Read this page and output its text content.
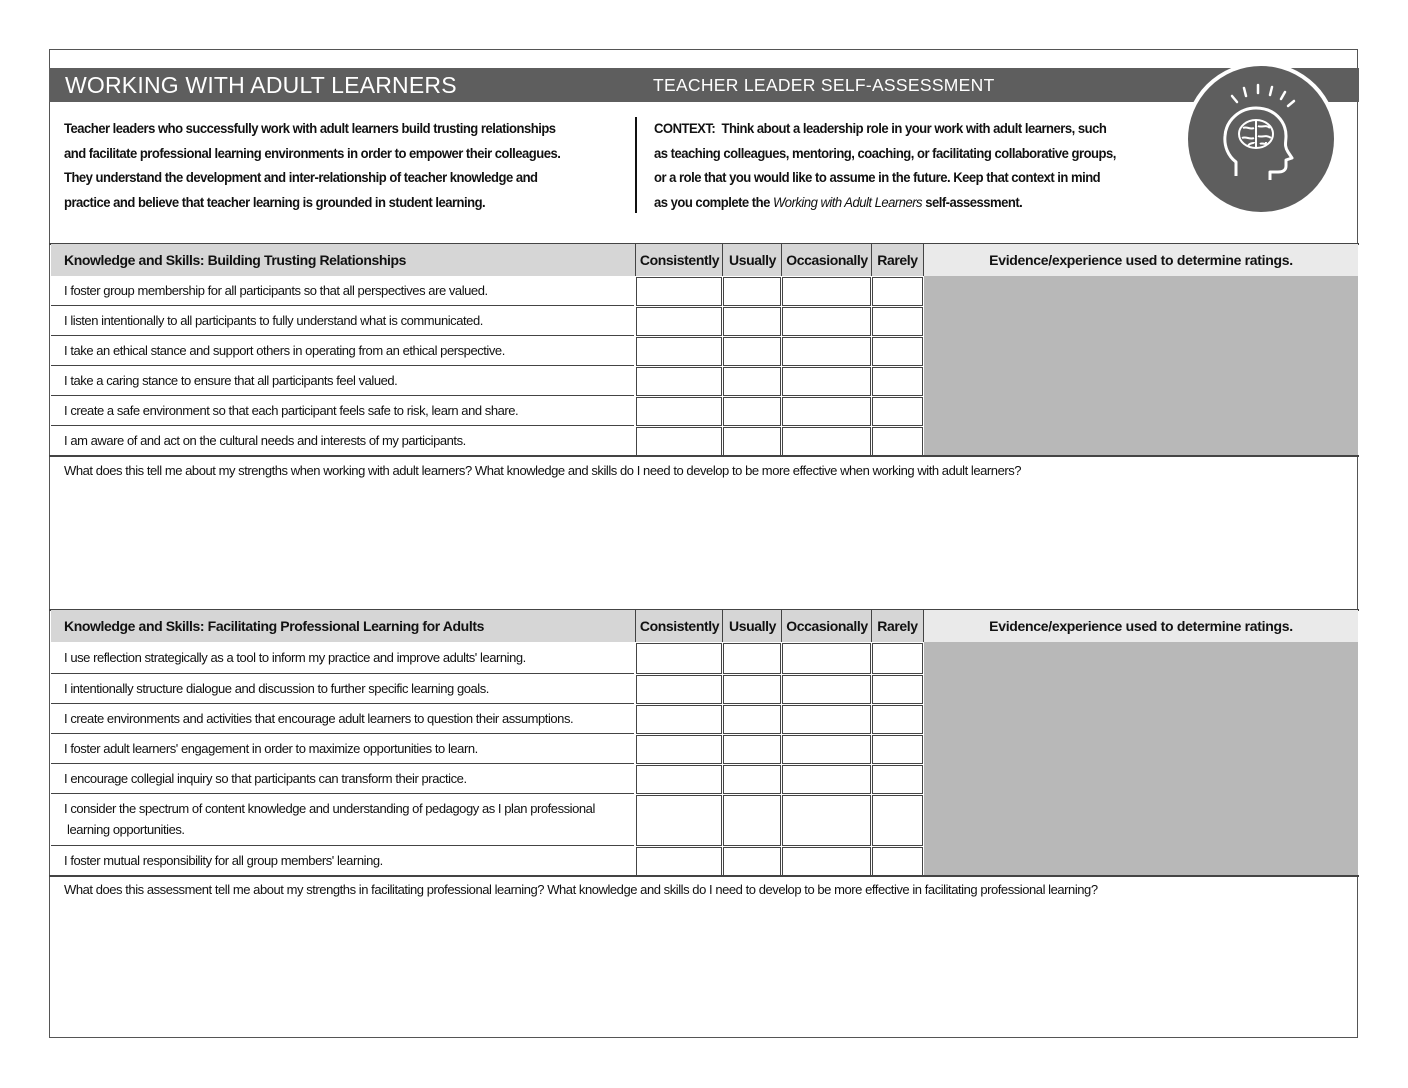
WORKING WITH ADULT LEARNERS	TEACHER LEADER SELF-ASSESSMENT
Teacher leaders who successfully work with adult learners build trusting relationships
and facilitate professional learning environments in order to empower their colleagues.
They understand the development and inter-relationship of teacher knowledge and
practice and believe that teacher learning is grounded in student learning.
CONTEXT: Think about a leadership role in your work with adult learners, such
as teaching colleagues, mentoring, coaching, or facilitating collaborative groups,
or a role that you would like to assume in the future. Keep that context in mind
as you complete the Working with Adult Learners self-assessment.
Knowledge and Skills: Building Trusting Relationships	Consistently Usually Occasionally Rarely	Evidence/experience used to determine ratings.
I foster group membership for all participants so that all perspectives are valued.
I listen intentionally to all participants to fully understand what is communicated.
I take an ethical stance and support others in operating from an ethical perspective.
I take a caring stance to ensure that all participants feel valued.
I create a safe environment so that each participant feels safe to risk, learn and share.
I am aware of and act on the cultural needs and interests of my participants.
What does this tell me about my strengths when working with adult learners? What knowledge and skills do I need to develop to be more effective when working with adult learners?
Knowledge and Skills: Facilitating Professional Learning for Adults	Consistently Usually Occasionally Rarely	Evidence/experience used to determine ratings.
I use reflection strategically as a tool to inform my practice and improve adults' learning.
I intentionally structure dialogue and discussion to further specific learning goals.
I create environments and activities that encourage adult learners to question their assumptions.
I foster adult learners' engagement in order to maximize opportunities to learn.
I encourage collegial inquiry so that participants can transform their practice.
I consider the spectrum of content knowledge and understanding of pedagogy as I plan professional
learning opportunities.
I foster mutual responsibility for all group members' learning.
What does this assessment tell me about my strengths in facilitating professional learning? What knowledge and skills do I need to develop to be more effective in facilitating professional learning?
